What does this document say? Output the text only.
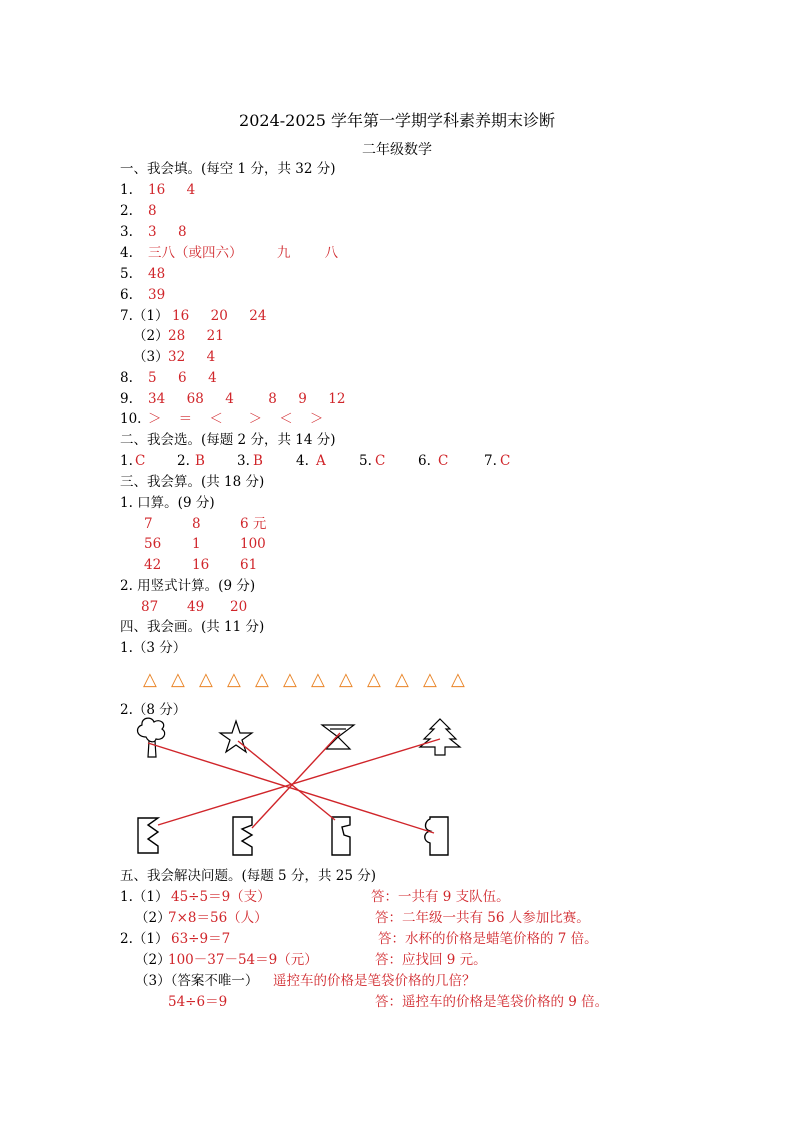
2024-2025 学年第一学期学科素养期末诊断
二年级数学
一、我会填。(每空 1 分，共 32 分)
1. 16     4
2. 8
3. 3     8
4. 三八（或四六）        九        八
5. 48
6. 39
7.（1） 16     20     24
（2） 28     21
（3） 32     4
8. 5     6     4
9. 34     68     4        8     9     12
10. ＞    ＝    ＜      ＞    ＜    ＞
二、我会选。(每题 2 分，共 14 分)
1. C 2. B 3. B 4. A 5. C 6. C	7. C
三、我会算。(共 18 分)
1. 口算。(9 分)
7	8	6 元
56 1	100
42 16 61
2. 用竖式计算。(9 分)
87 49 20
四、我会画。(共 11 分)
1.（3 分）
△ △ △ △ △ △ △ △ △ △ △ △
2.（8 分）
五、我会解决问题。(每题 5 分，共 25 分)
1.（1） 45÷5＝9（支）	答：一共有 9 支队伍。
（2）
7×8＝56（人）	答：二年级一共有 56 人参加比赛。
2.（1） 63÷9＝7	答：水杯的价格是蜡笔价格的 7 倍。
（2）
100－37－54＝9（元）	答：应找回 9 元。
（3）（答案不唯一） 遥控车的价格是笔袋价格的几倍？
54÷6＝9	答：遥控车的价格是笔袋价格的 9 倍。
